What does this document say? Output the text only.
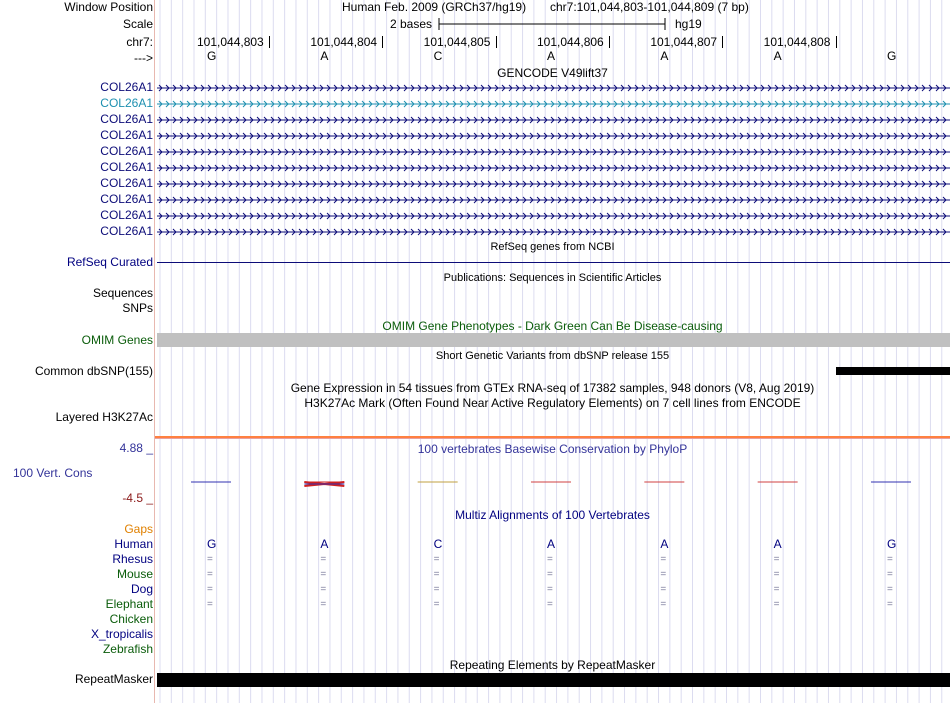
Window Position
Scale
chr7:
--->
Human Feb. 2009 (GRCh37/hg19) chr7:101,044,803-101,044,809 (7 bp)
2 bases	hg19
101,044,803	101,044,804	101,044,805	101,044,806	101,044,807	101,044,808
G	A	C	A	A	A	G
GENCODE V49lift37
COL26A1
COL26A1
COL26A1
COL26A1
COL26A1
COL26A1
COL26A1
COL26A1
COL26A1
COL26A1
RefSeq genes from NCBI
RefSeq Curated
Publications: Sequences in Scientific Articles
Sequences
SNPs
OMIM Gene Phenotypes - Dark Green Can Be Disease-causing
OMIM Genes
Short Genetic Variants from dbSNP release 155
Common dbSNP(155)
Gene Expression in 54 tissues from GTEx RNA-seq of 17382 samples, 948 donors (V8, Aug 2019)
H3K27Ac Mark (Often Found Near Active Regulatory Elements) on 7 cell lines from ENCODE
Layered H3K27Ac
100 vertebrates Basewise Conservation by PhyloP
4.88 _
100 Vert. Cons
-4.5 _
Multiz Alignments of 100 Vertebrates
Gaps
Human	G	A	C	A	A	A	G
Rhesus	=	=	=	=	=	=	=
Mouse	=	=	=	=	=	=	=
Dog	=	=	=	=	=	=	=
Elephant	=	=	=	=	=	=	=
Chicken
X_tropicalis
Zebrafish
Repeating Elements by RepeatMasker
RepeatMasker
